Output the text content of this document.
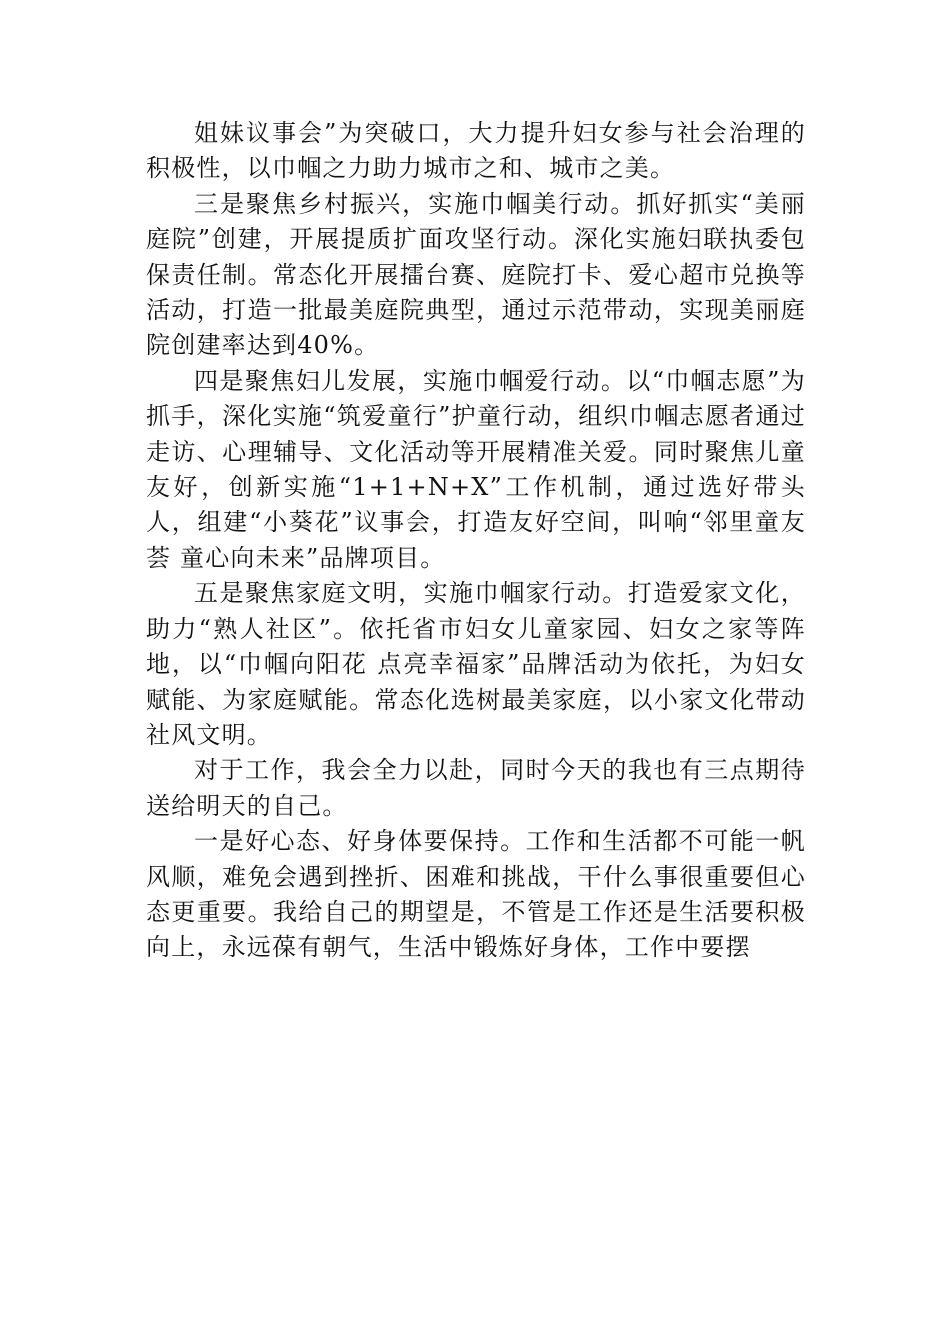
姐妹议事会”为突破口，大力提升妇女参与社会治理的积极性，以巾帼之力助力城市之和、城市之美。

三是聚焦乡村振兴，实施巾帼美行动。抓好抓实“美丽庭院”创建，开展提质扩面攻坚行动。深化实施妇联执委包保责任制。常态化开展擂台赛、庭院打卡、爱心超市兑换等活动，打造一批最美庭院典型，通过示范带动，实现美丽庭院创建率达到40%。

四是聚焦妇儿发展，实施巾帼爱行动。以“巾帼志愿”为抓手，深化实施“筑爱童行”护童行动，组织巾帼志愿者通过走访、心理辅导、文化活动等开展精准关爱。同时聚焦儿童友好，创新实施“1+1+N+X”工作机制，通过选好带头人，组建“小葵花”议事会，打造友好空间，叫响“邻里童友荟 童心向未来”品牌项目。

五是聚焦家庭文明，实施巾帼家行动。打造爱家文化，助力“熟人社区”。依托省市妇女儿童家园、妇女之家等阵地，以“巾帼向阳花 点亮幸福家”品牌活动为依托，为妇女赋能、为家庭赋能。常态化选树最美家庭，以小家文化带动社风文明。

对于工作，我会全力以赴，同时今天的我也有三点期待送给明天的自己。

一是好心态、好身体要保持。工作和生活都不可能一帆风顺，难免会遇到挫折、困难和挑战，干什么事很重要但心态更重要。我给自己的期望是，不管是工作还是生活要积极向上，永远葆有朝气，生活中锻炼好身体，工作中要摆
